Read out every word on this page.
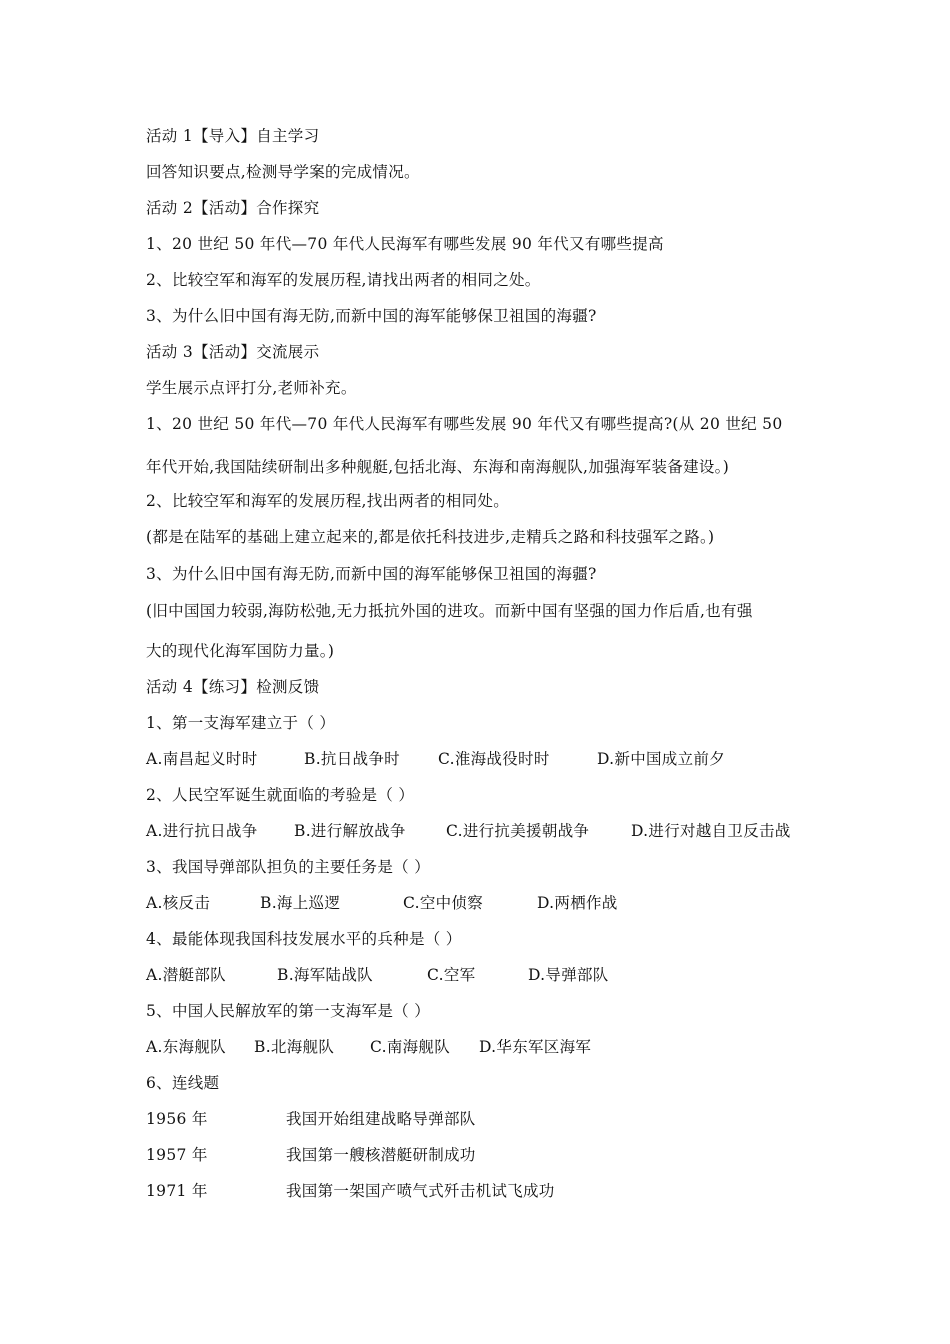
活动 1【导入】自主学习
回答知识要点,检测导学案的完成情况。
活动 2【活动】合作探究
1、20 世纪 50 年代—70 年代人民海军有哪些发展 90 年代又有哪些提高
2、比较空军和海军的发展历程,请找出两者的相同之处。
3、为什么旧中国有海无防,而新中国的海军能够保卫祖国的海疆?
活动 3【活动】交流展示
学生展示点评打分,老师补充。
1、20 世纪 50 年代—70 年代人民海军有哪些发展 90 年代又有哪些提高?(从 20 世纪 50
年代开始,我国陆续研制出多种舰艇,包括北海、东海和南海舰队,加强海军装备建设。)
2、比较空军和海军的发展历程,找出两者的相同处。
(都是在陆军的基础上建立起来的,都是依托科技进步,走精兵之路和科技强军之路。)
3、为什么旧中国有海无防,而新中国的海军能够保卫祖国的海疆?
(旧中国国力较弱,海防松弛,无力抵抗外国的进攻。而新中国有坚强的国力作后盾,也有强
大的现代化海军国防力量。)
活动 4【练习】检测反馈
1、第一支海军建立于（ ）
A.南昌起义时时	B.抗日战争时 C.淮海战役时时	D.新中国成立前夕
2、人民空军诞生就面临的考验是（ ）
A.进行抗日战争 B.进行解放战争	C.进行抗美援朝战争	D.进行对越自卫反击战
3、我国导弹部队担负的主要任务是（ ）
A.核反击	B.海上巡逻	C.空中侦察	D.两栖作战
4、最能体现我国科技发展水平的兵种是（ ）
A.潜艇部队	B.海军陆战队	C.空军	D.导弹部队
5、中国人民解放军的第一支海军是（ ）
A.东海舰队 B.北海舰队 C.南海舰队 D.华东军区海军
6、连线题
1956 年	我国开始组建战略导弹部队
1957 年	我国第一艘核潜艇研制成功
1971 年	我国第一架国产喷气式歼击机试飞成功
